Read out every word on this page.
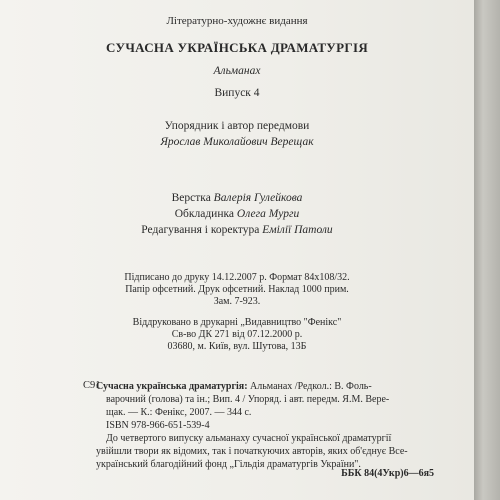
Літературно-художнє видання
СУЧАСНА УКРАЇНСЬКА ДРАМАТУРГІЯ
Альманах
Випуск 4
Упорядник і автор передмови
Ярослав Миколайович Верещак
Верстка Валерія Гулейкова
Обкладинка Олега Мурги
Редагування і коректура Емілії Патоли
Підписано до друку 14.12.2007 р. Формат 84х108/32.
Папір офсетний. Друк офсетний. Наклад 1000 прим.
Зам. 7-923.
Віддруковано в друкарні „Видавництво "Фенікс"
Св-во ДК 271 від 07.12.2000 р.
03680, м. Київ, вул. Шутова, 13Б
С91
Сучасна українська драматургія: Альманах /Редкол.: В. Фоль-
варочний (голова) та ін.; Вип. 4 / Упоряд. і авт. передм. Я.М. Вере-
щак. — К.: Фенікс, 2007. — 344 с.
ISBN 978-966-651-539-4
До четвертого випуску альманаху сучасної української драматургії
увійшли твори як відомих, так і початкуючих авторів, яких об'єднує Все-
український благодійний фонд „Гільдія драматургів України".
ББК 84(4Укр)6—6я5
